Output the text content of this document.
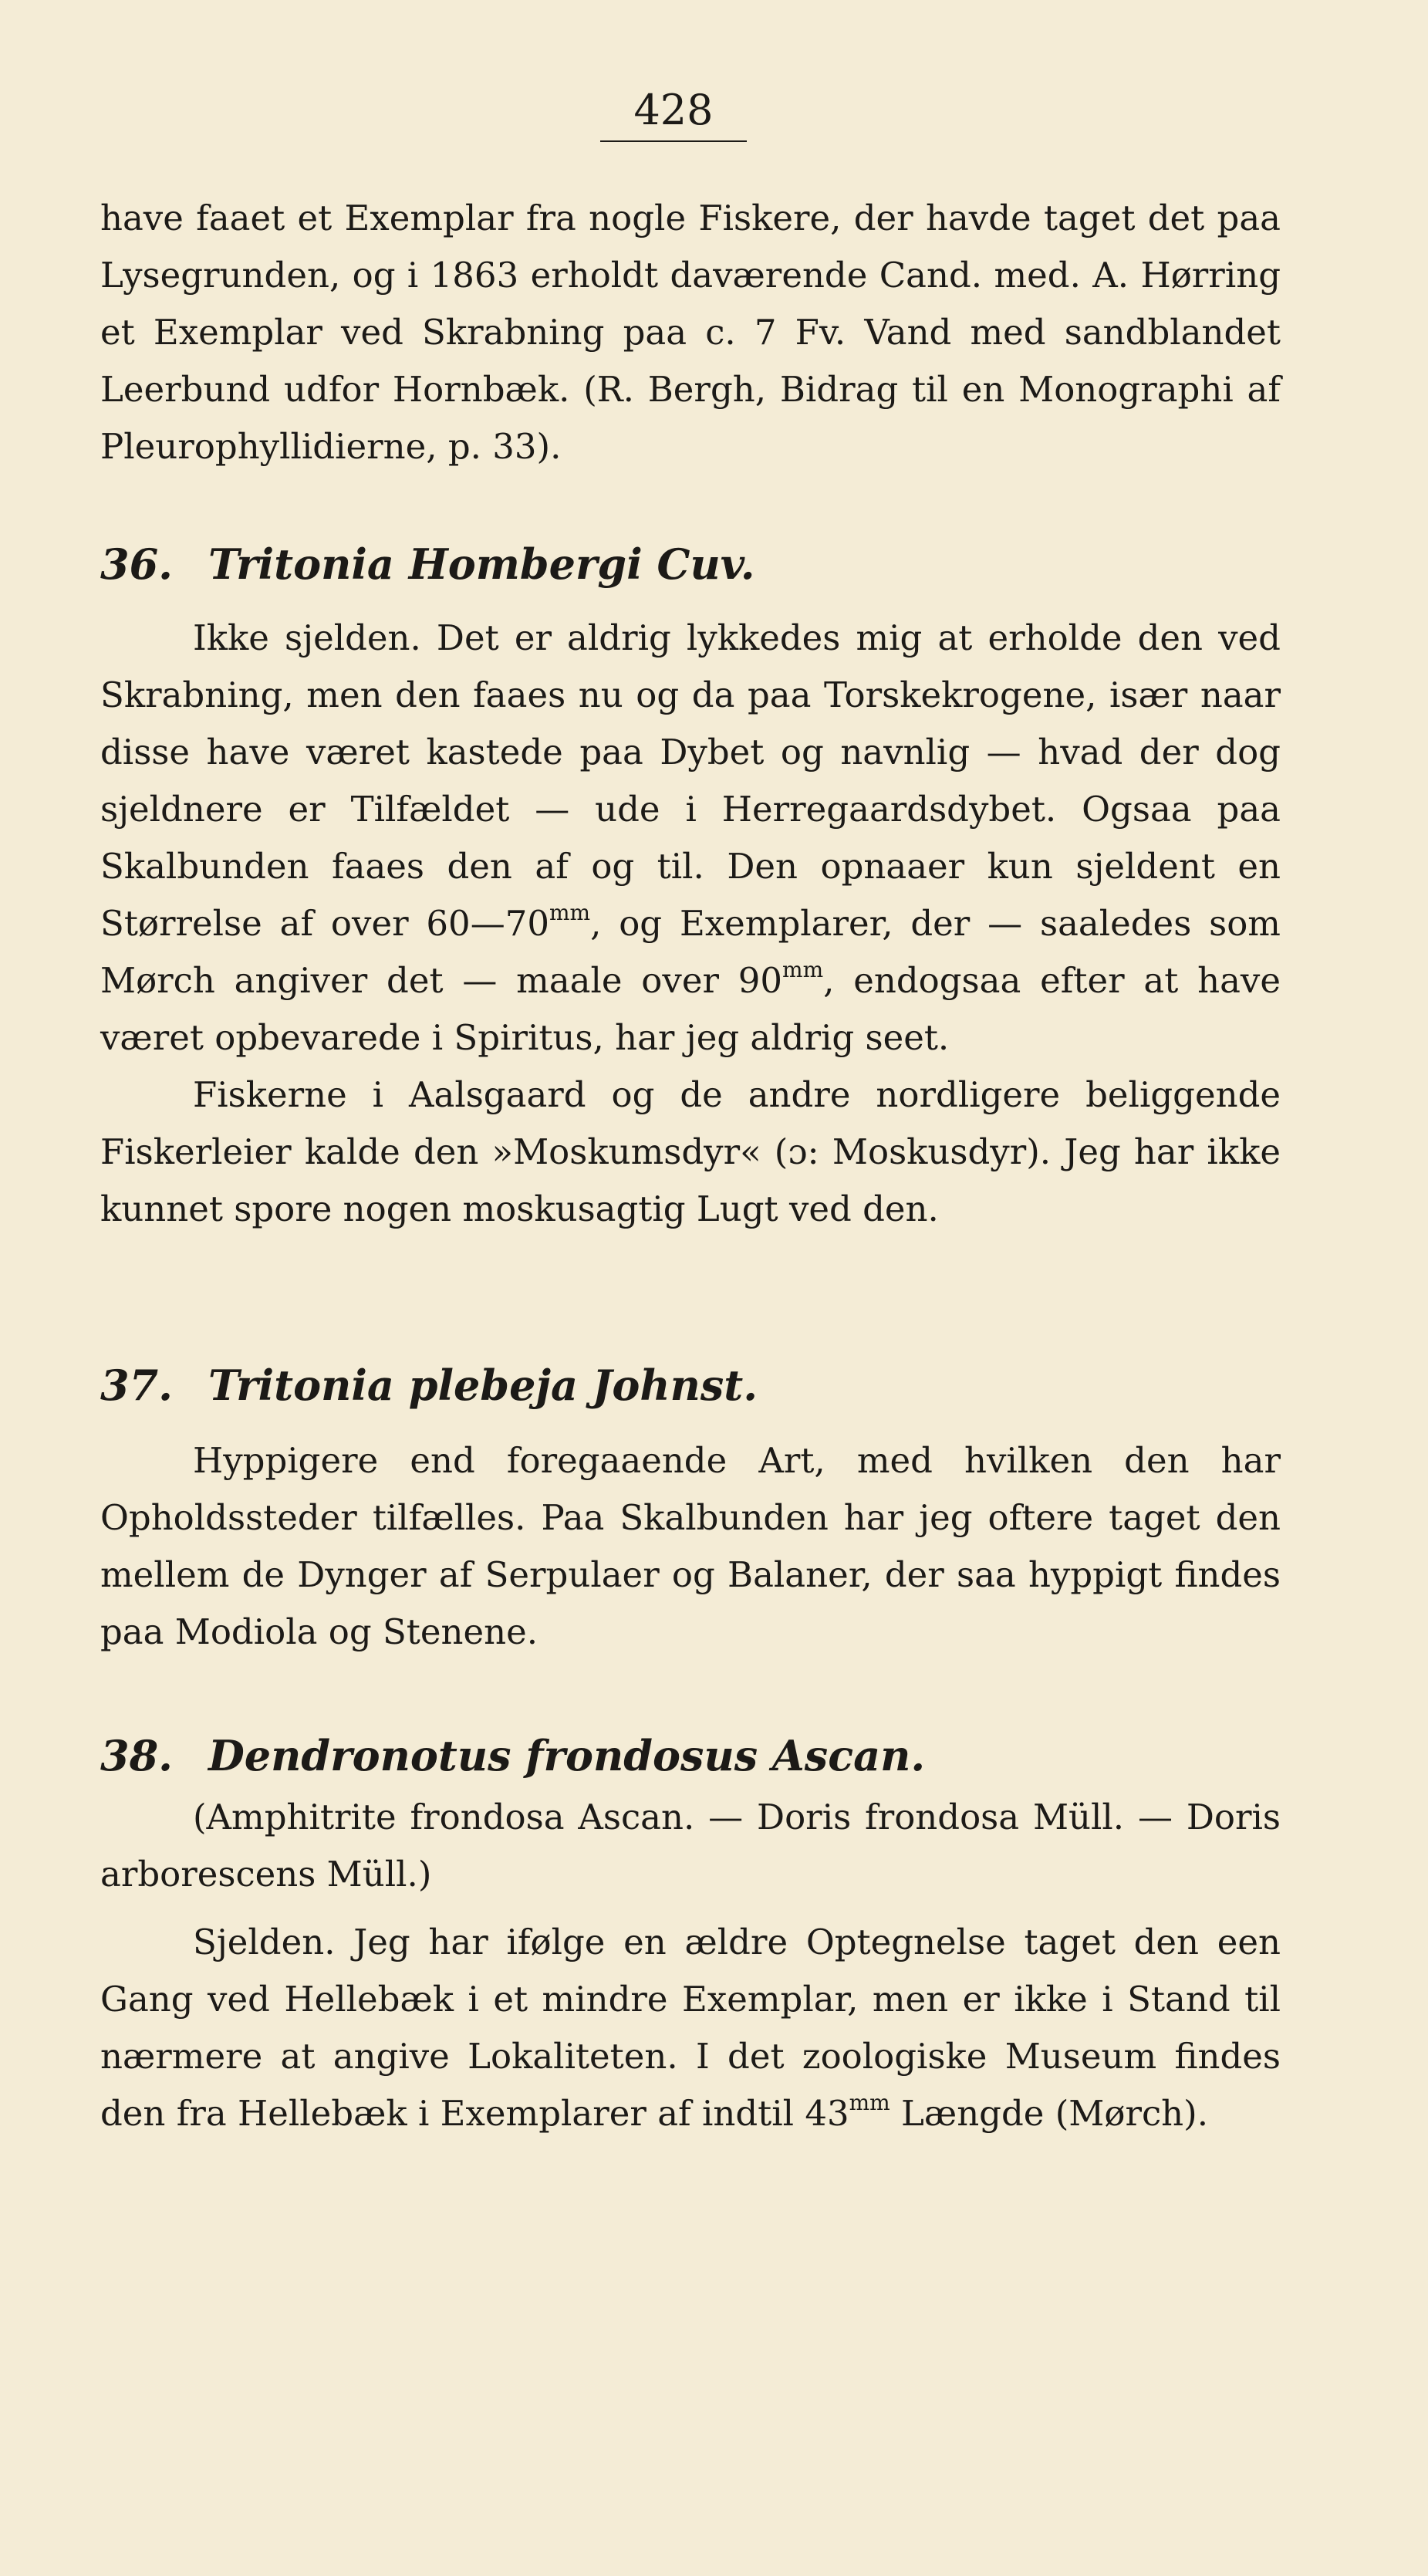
428

have faaet et Exemplar fra nogle Fiskere, der havde taget det paa Lysegrunden, og i 1863 erholdt daværende Cand. med. A. Hørring et Exemplar ved Skrabning paa c. 7 Fv. Vand med sandblandet Leerbund udfor Hornbæk. (R. Bergh, Bidrag til en Monographi af Pleurophyllidierne, p. 33).

36. Tritonia Hombergi Cuv.

Ikke sjelden. Det er aldrig lykkedes mig at erholde den ved Skrabning, men den faaes nu og da paa Torskekrogene, især naar disse have været kastede paa Dybet og navnlig — hvad der dog sjeldnere er Tilfældet — ude i Herregaardsdybet. Ogsaa paa Skalbunden faaes den af og til. Den opnaaer kun sjeldent en Størrelse af over $60—70^{mm}$, og Exemplarer, der — saaledes som Mørch angiver det — maale over $90^{mm}$, endogsaa efter at have været opbevarede i Spiritus, har jeg aldrig seet.

Fiskerne i Aalsgaard og de andre nordligere beliggende Fiskerleier kalde den »Moskumsdyr« (ɔ: Moskusdyr). Jeg har ikke kunnet spore nogen moskusagtig Lugt ved den.

37. Tritonia plebeja Johnst.

Hyppigere end foregaaende Art, med hvilken den har Opholdssteder tilfælles. Paa Skalbunden har jeg oftere taget den mellem de Dynger af Serpulaer og Balaner, der saa hyppigt findes paa Modiola og Stenene.

38. Dendronotus frondosus Ascan.

(Amphitrite frondosa Ascan. — Doris frondosa Müll. — Doris arborescens Müll.)

Sjelden. Jeg har ifølge en ældre Optegnelse taget den een Gang ved Hellebæk i et mindre Exemplar, men er ikke i Stand til nærmere at angive Lokaliteten. I det zoologiske Museum findes den fra Hellebæk i Exemplarer af indtil $43^{mm}$ Længde (Mørch).
